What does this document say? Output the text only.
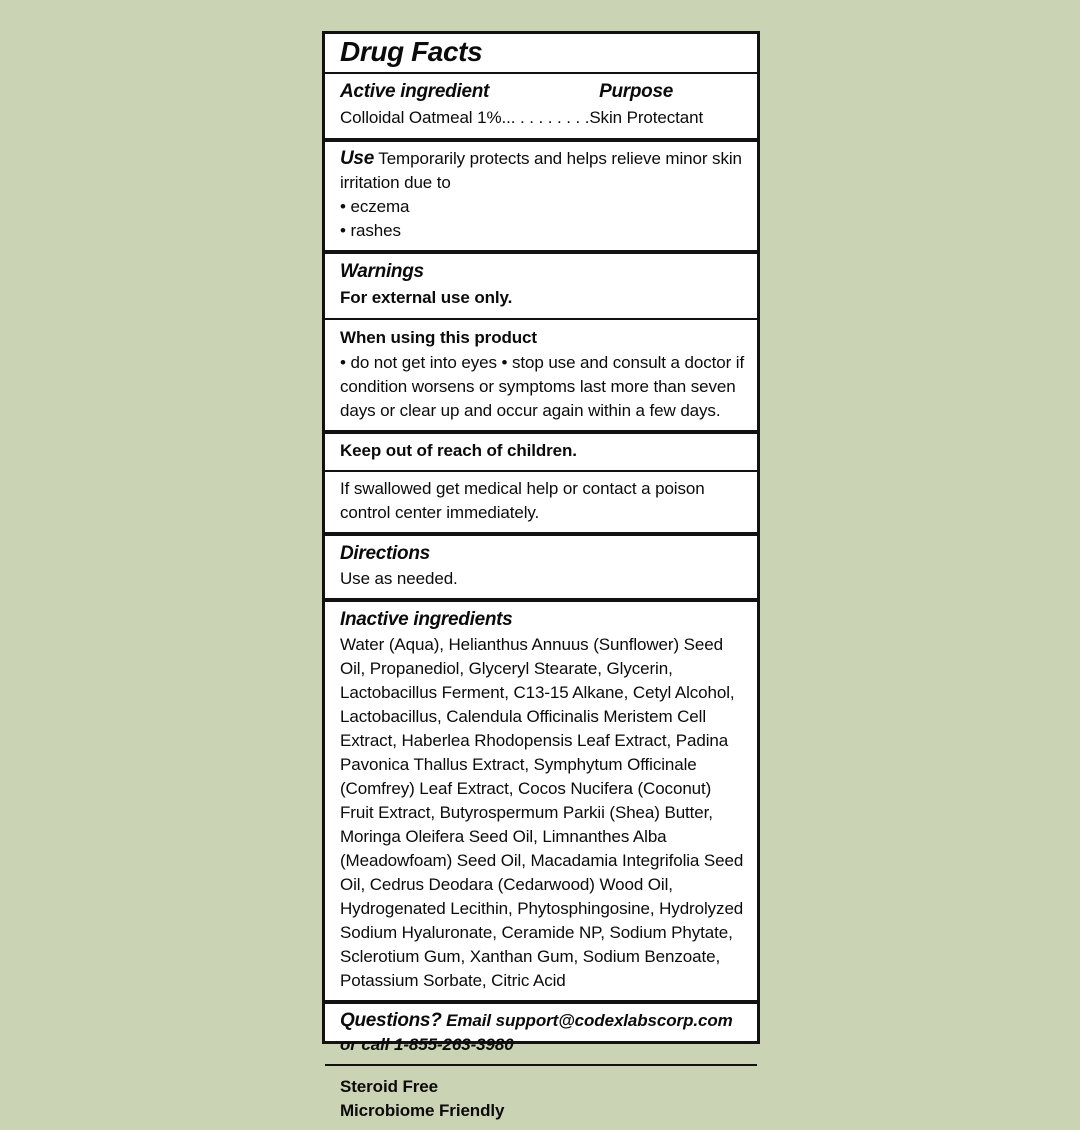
Drug Facts
Active ingredient	Purpose
Colloidal Oatmeal 1%... . . . . . . . .Skin Protectant
Use Temporarily protects and helps relieve minor skin irritation due to
• eczema
• rashes
Warnings
For external use only.
When using this product
• do not get into eyes • stop use and consult a doctor if condition worsens or symptoms last more than seven days or clear up and occur again within a few days.
Keep out of reach of children.
If swallowed get medical help or contact a poison control center immediately.
Directions
Use as needed.
Inactive ingredients
Water (Aqua), Helianthus Annuus (Sunflower) Seed Oil, Propanediol, Glyceryl Stearate, Glycerin, Lactobacillus Ferment, C13-15 Alkane, Cetyl Alcohol, Lactobacillus, Calendula Officinalis Meristem Cell Extract, Haberlea Rhodopensis Leaf Extract, Padina Pavonica Thallus Extract, Symphytum Officinale (Comfrey) Leaf Extract, Cocos Nucifera (Coconut) Fruit Extract, Butyrospermum Parkii (Shea) Butter, Moringa Oleifera Seed Oil, Limnanthes Alba (Meadowfoam) Seed Oil, Macadamia Integrifolia Seed Oil, Cedrus Deodara (Cedarwood) Wood Oil, Hydrogenated Lecithin, Phytosphingosine, Hydrolyzed Sodium Hyaluronate, Ceramide NP, Sodium Phytate, Sclerotium Gum, Xanthan Gum, Sodium Benzoate, Potassium Sorbate, Citric Acid
Questions? Email support@codexlabscorp.com or call 1-855-263-3980
Steroid Free
Microbiome Friendly
